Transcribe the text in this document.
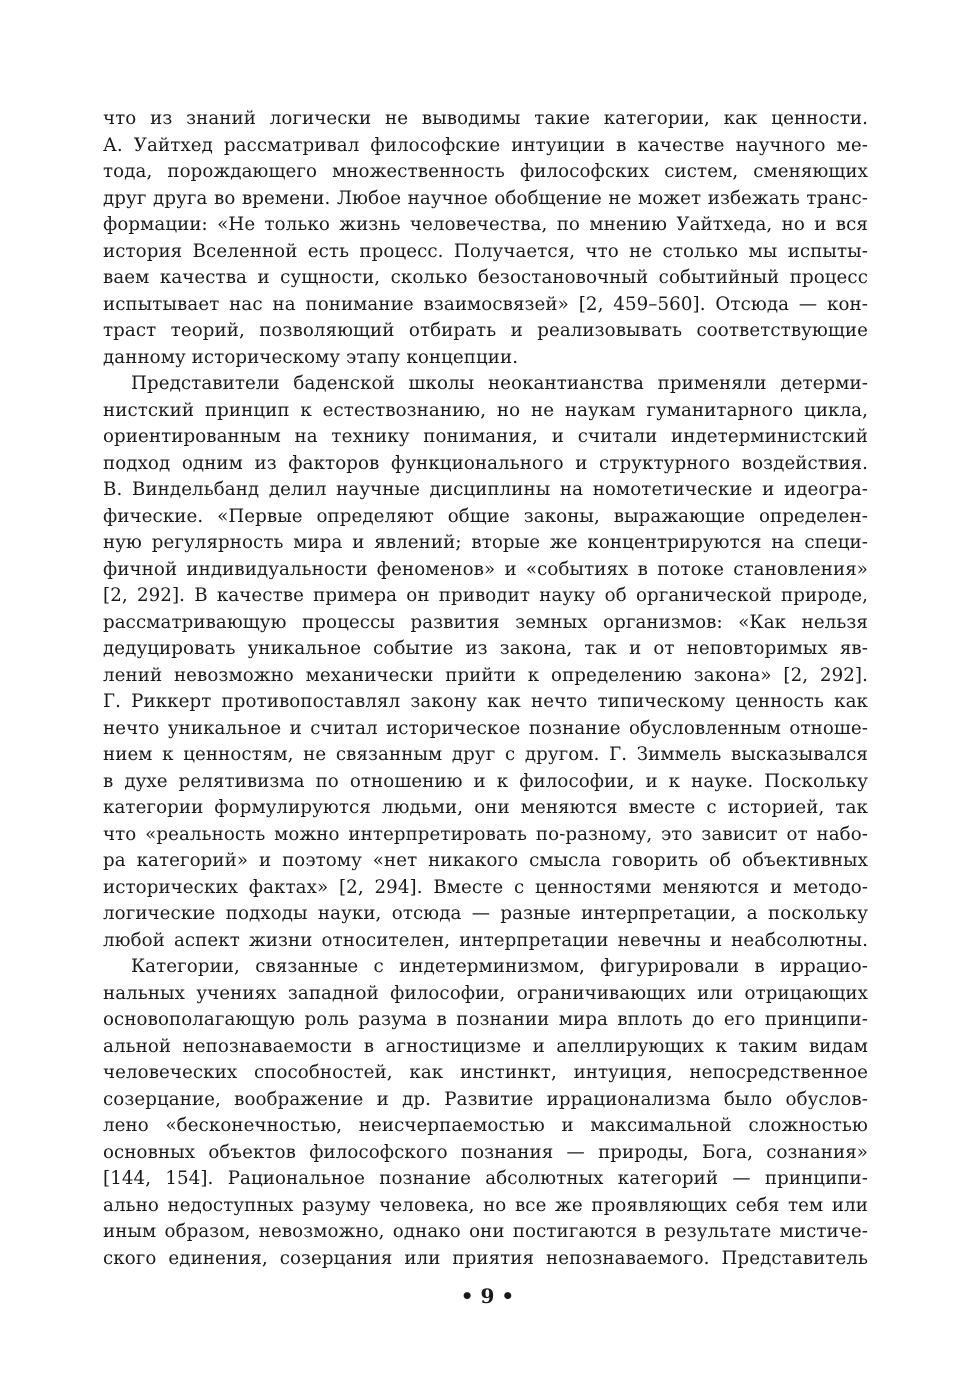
что из знаний логически не выводимы такие категории, как ценности.
А. Уайтхед рассматривал философские интуиции в качестве научного ме-
тода, порождающего множественность философских систем, сменяющих
друг друга во времени. Любое научное обобщение не может избежать транс-
формации: «Не только жизнь человечества, по мнению Уайтхеда, но и вся
история Вселенной есть процесс. Получается, что не столько мы испыты-
ваем качества и сущности, сколько безостановочный событийный процесс
испытывает нас на понимание взаимосвязей» [2, 459–560]. Отсюда — кон-
траст теорий, позволяющий отбирать и реализовывать соответствующие
данному историческому этапу концепции.
Представители баденской школы неокантианства применяли детерми-
нистский принцип к естествознанию, но не наукам гуманитарного цикла,
ориентированным на технику понимания, и считали индетерминистский
подход одним из факторов функционального и структурного воздействия.
В. Виндельбанд делил научные дисциплины на номотетические и идеогра-
фические. «Первые определяют общие законы, выражающие определен-
ную регулярность мира и явлений; вторые же концентрируются на специ-
фичной индивидуальности феноменов» и «событиях в потоке становления»
[2, 292]. В качестве примера он приводит науку об органической природе,
рассматривающую процессы развития земных организмов: «Как нельзя
дедуцировать уникальное событие из закона, так и от неповторимых яв-
лений невозможно механически прийти к определению закона» [2, 292].
Г. Риккерт противопоставлял закону как нечто типическому ценность как
нечто уникальное и считал историческое познание обусловленным отноше-
нием к ценностям, не связанным друг с другом. Г. Зиммель высказывался
в духе релятивизма по отношению и к философии, и к науке. Поскольку
категории формулируются людьми, они меняются вместе с историей, так
что «реальность можно интерпретировать по-разному, это зависит от набо-
ра категорий» и поэтому «нет никакого смысла говорить об объективных
исторических фактах» [2, 294]. Вместе с ценностями меняются и методо-
логические подходы науки, отсюда — разные интерпретации, а поскольку
любой аспект жизни относителен, интерпретации невечны и неабсолютны.
Категории, связанные с индетерминизмом, фигурировали в иррацио-
нальных учениях западной философии, ограничивающих или отрицающих
основополагающую роль разума в познании мира вплоть до его принципи-
альной непознаваемости в агностицизме и апеллирующих к таким видам
человеческих способностей, как инстинкт, интуиция, непосредственное
созерцание, воображение и др. Развитие иррационализма было обуслов-
лено «бесконечностью, неисчерпаемостью и максимальной сложностью
основных объектов философского познания — природы, Бога, сознания»
[144, 154]. Рациональное познание абсолютных категорий — принципи-
ально недоступных разуму человека, но все же проявляющих себя тем или
иным образом, невозможно, однако они постигаются в результате мистиче-
ского единения, созерцания или приятия непознаваемого. Представитель
• 9 •
